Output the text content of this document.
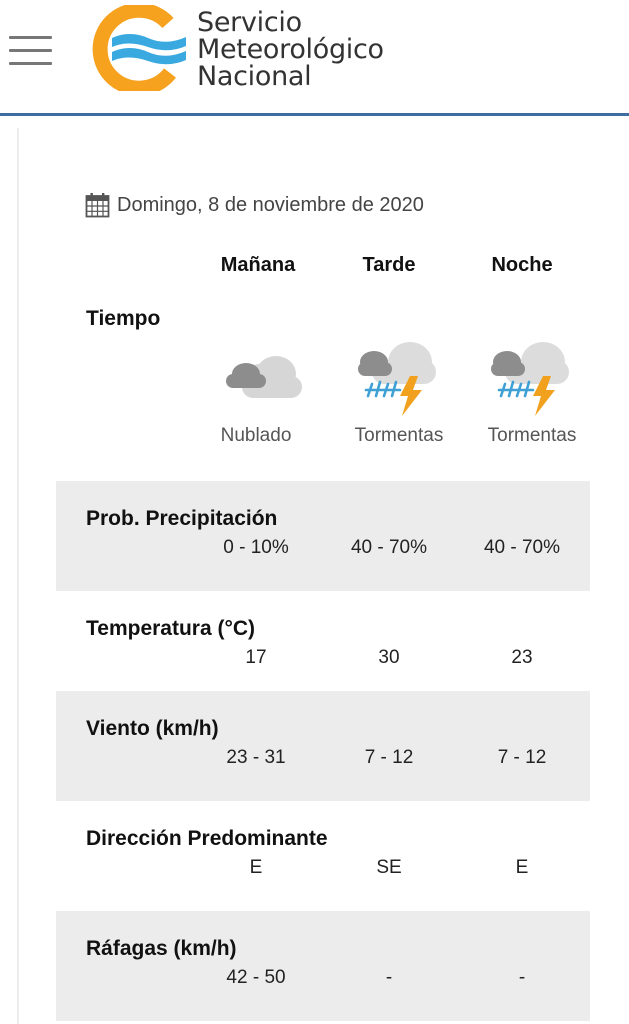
Servicio
Meteorológico
Nacional
Domingo, 8 de noviembre de 2020
Mañana	Tarde	Noche
Tiempo
Nublado	Tormentas	Tormentas
Prob. Precipitación
0 - 10%	40 - 70%	40 - 70%
Temperatura (°C)
17	30	23
Viento (km/h)
23 - 31	7 - 12	7 - 12
Dirección Predominante
E	SE	E
Ráfagas (km/h)
42 - 50	-	-
